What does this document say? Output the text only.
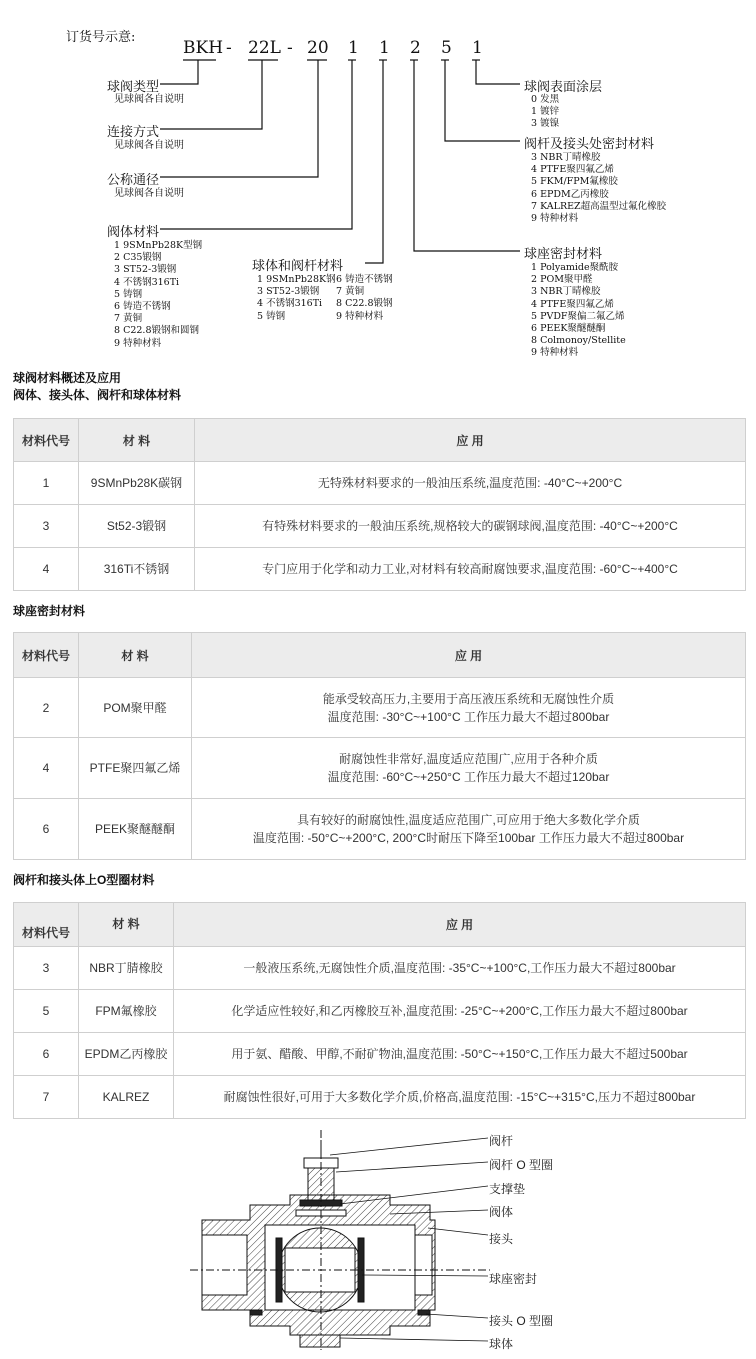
订货号示意:
BKH - 22L - 20 1 1 2 5 1
球阀类型
见球阀各自说明
连接方式
见球阀各自说明
公称通径
见球阀各自说明
阀体材料
1 9SMnPb28K型钢
2 C35锻钢
3 ST52-3锻钢
4 不锈钢316Ti
5 铸钢
6 铸造不锈钢
7 黄铜
8 C22.8锻钢和圆钢
9 特种材料
球体和阀杆材料
1 9SMnPb28K钢
3 ST52-3锻钢
4 不锈钢316Ti
5 铸钢
6 铸造不锈钢
7 黄铜
8 C22.8锻钢
9 特种材料
球阀表面涂层
0 发黑
1 镀锌
3 镀镍
阀杆及接头处密封材料
3 NBR丁晴橡胶
4 PTFE聚四氟乙烯
5 FKM/FPM氟橡胶
6 EPDM乙丙橡胶
7 KALREZ超高温型过氟化橡胶
9 特种材料
球座密封材料
1 Polyamide聚酰胺
2 POM聚甲醛
3 NBR丁晴橡胶
4 PTFE聚四氟乙烯
5 PVDF聚偏二氟乙烯
6 PEEK聚醚醚酮
8 Colmonoy/Stellite
9 特种材料
球阀材料概述及应用
阀体、接头体、阀杆和球体材料
材料代号	材 料	应 用
1	9SMnPb28K碳钢	无特殊材料要求的一般油压系统,温度范围: -40°C~+200°C
3	St52-3锻钢	有特殊材料要求的一般油压系统,规格较大的碳钢球阀,温度范围: -40°C~+200°C
4	316Ti不锈钢	专门应用于化学和动力工业,对材料有较高耐腐蚀要求,温度范围: -60°C~+400°C
球座密封材料
材料代号	材 料	应 用
2	POM聚甲醛	能承受较高压力,主要用于高压液压系统和无腐蚀性介质
温度范围: -30°C~+100°C 工作压力最大不超过800bar

4	PTFE聚四氟乙烯	耐腐蚀性非常好,温度适应范围广,应用于各种介质
温度范围: -60°C~+250°C 工作压力最大不超过120bar

6	PEEK聚醚醚酮	具有较好的耐腐蚀性,温度适应范围广,可应用于绝大多数化学介质
温度范围: -50°C~+200°C, 200°C时耐压下降至100bar 工作压力最大不超过800bar
阀杆和接头体上O型圈材料
材料代号	材 料	应 用
3	NBR丁腈橡胶	一般液压系统,无腐蚀性介质,温度范围: -35°C~+100°C,工作压力最大不超过800bar
5	FPM氟橡胶	化学适应性较好,和乙丙橡胶互补,温度范围: -25°C~+200°C,工作压力最大不超过800bar
6	EPDM乙丙橡胶	用于氨、醋酸、甲醇,不耐矿物油,温度范围: -50°C~+150°C,工作压力最大不超过500bar
7	KALREZ	耐腐蚀性很好,可用于大多数化学介质,价格高,温度范围: -15°C~+315°C,压力不超过800bar
阀杆
阀杆 O 型圈
支撑垫
阀体
接头
球座密封
接头 O 型圈
球体
